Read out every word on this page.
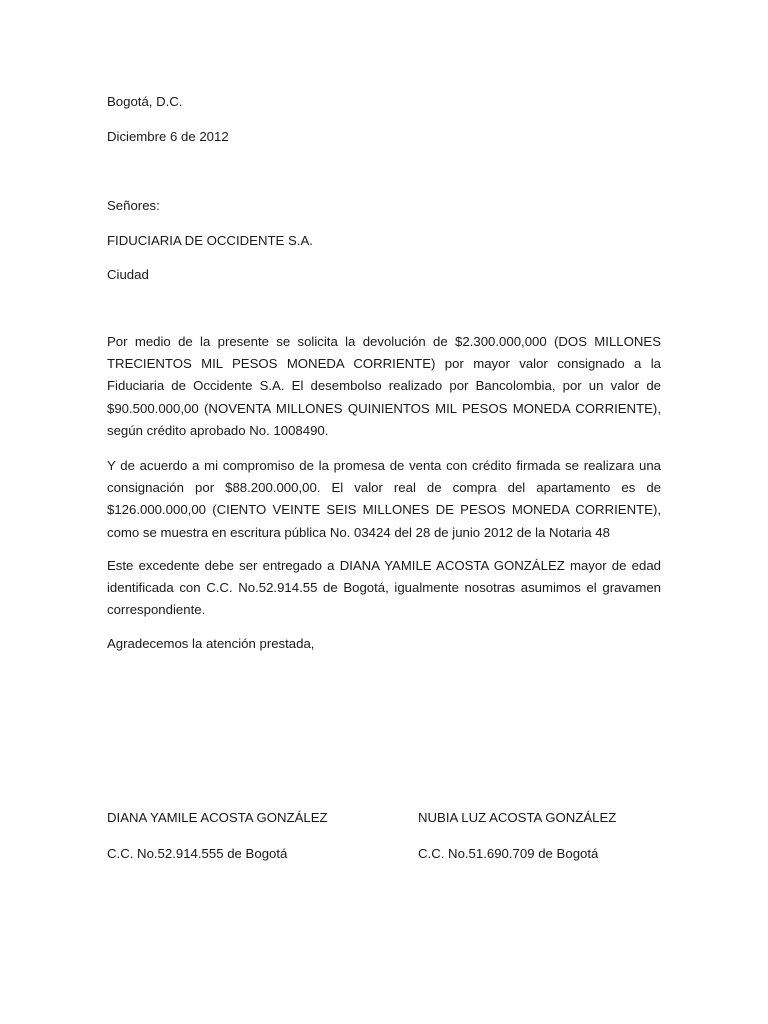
Bogotá, D.C.
Diciembre 6 de 2012
Señores:
FIDUCIARIA DE OCCIDENTE S.A.
Ciudad
Por medio de la presente se solicita la devolución de $2.300.000,000 (DOS MILLONES TRECIENTOS MIL PESOS MONEDA CORRIENTE) por mayor valor consignado a la Fiduciaria de Occidente S.A. El desembolso realizado por Bancolombia, por un valor de $90.500.000,00 (NOVENTA MILLONES QUINIENTOS MIL PESOS MONEDA CORRIENTE), según crédito aprobado No. 1008490.
Y de acuerdo a mi compromiso de la promesa de venta con crédito firmada se realizara una consignación por $88.200.000,00. El valor real de compra del apartamento es de $126.000.000,00 (CIENTO VEINTE SEIS MILLONES DE PESOS MONEDA CORRIENTE), como se muestra en escritura pública No. 03424 del 28 de junio 2012 de la Notaria 48
Este excedente debe ser entregado a DIANA YAMILE ACOSTA GONZÁLEZ mayor de edad identificada con C.C. No.52.914.55 de Bogotá, igualmente nosotras asumimos el gravamen correspondiente.
Agradecemos la atención prestada,
DIANA YAMILE ACOSTA GONZÁLEZ
C.C. No.52.914.555 de Bogotá
NUBIA LUZ ACOSTA GONZÁLEZ
C.C. No.51.690.709 de Bogotá
